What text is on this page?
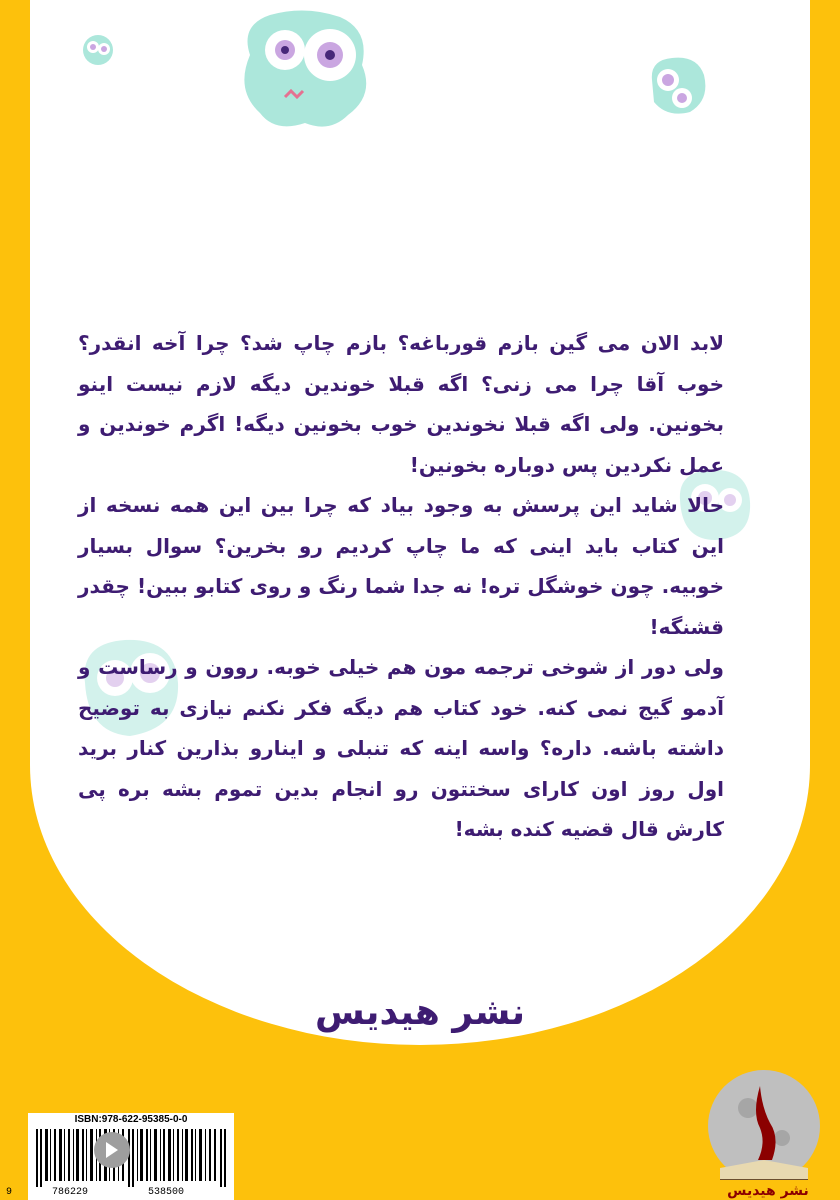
لابد الان می گین بازم قورباغه؟ بازم چاپ شد؟ چرا آخه انقدر؟ خوب آقا چرا می زنی؟ اگه قبلا خوندین دیگه لازم نیست اینو بخونین. ولی اگه قبلا نخوندین خوب بخونین دیگه! اگرم خوندین و عمل نکردین پس دوباره بخونین!

حالا شاید این پرسش به وجود بیاد که چرا بین این همه نسخه از این کتاب باید اینی که ما چاپ کردیم رو بخرین؟ سوال بسیار خوبیه. چون خوشگل تره! نه جدا شما رنگ و روی کتابو ببین! چقدر قشنگه!

ولی دور از شوخی ترجمه مون هم خیلی خوبه. روون و رساست و آدمو گیج نمی کنه. خود کتاب هم دیگه فکر نکنم نیازی به توضیح داشته باشه. داره؟ واسه اینه که تنبلی و اینارو بذارین کنار برید اول روز اون کارای سختتون رو انجام بدین تموم بشه بره پی کارش قال قضیه کنده بشه!

نشر هیدیس
ISBN:978-622-95385-0-0
9	786229	538500	نشر هیدیس
